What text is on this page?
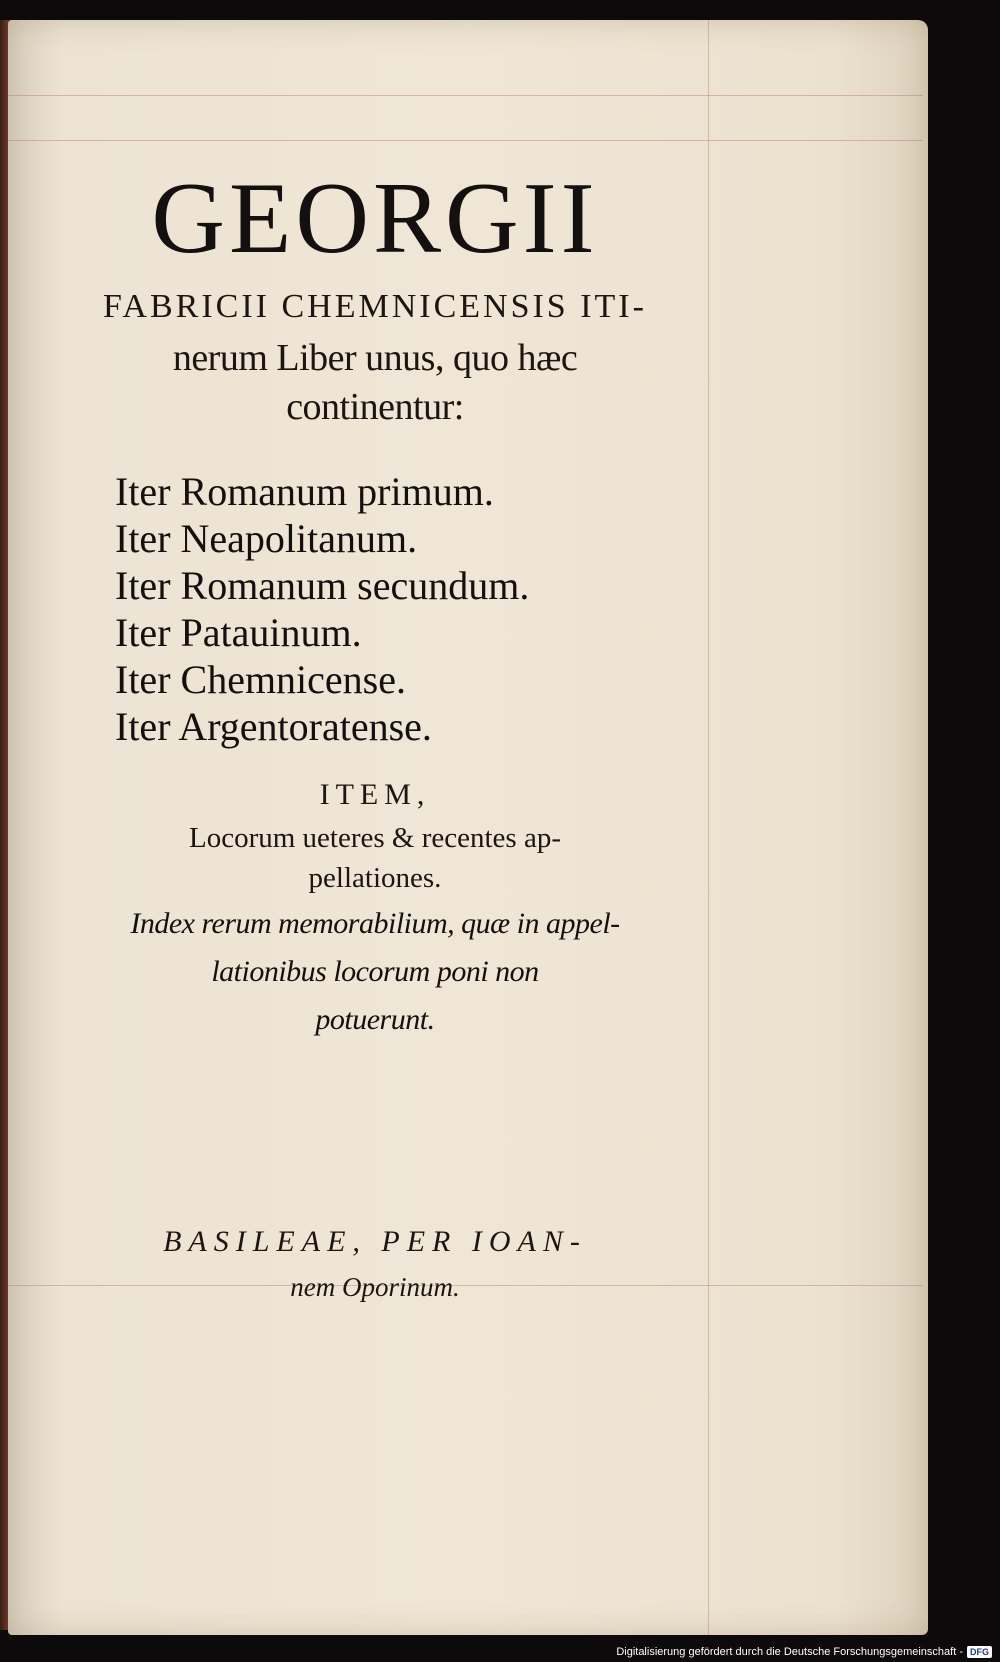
GEORGII
FABRICII CHEMNICENSIS ITI-
nerum Liber unus, quo hæc
continentur:
Iter Romanum primum.
Iter Neapolitanum.
Iter Romanum secundum.
Iter Patauinum.
Iter Chemnicense.
Iter Argentoratense.
ITEM,
Locorum ueteres & recentes ap-
pellationes.
Index rerum memorabilium, quæ in appel-
lationibus locorum poni non
potuerunt.
BASILEAE, PER IOAN-
nem Oporinum.
Digitalisierung gefördert durch die Deutsche Forschungsgemeinschaft - DFG
